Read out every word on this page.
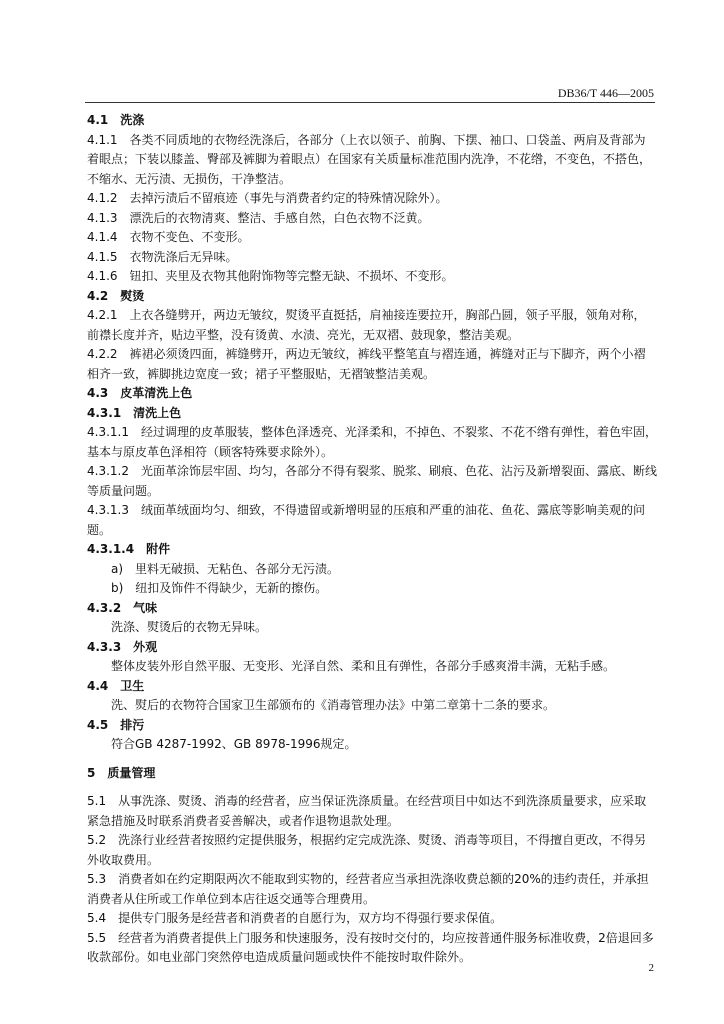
DB36/T 446—2005

4.1　洗涤

4.1.1　各类不同质地的衣物经洗涤后，各部分（上衣以领子、前胸、下摆、袖口、口袋盖、两肩及背部为着眼点；下装以膝盖、臀部及裤脚为着眼点）在国家有关质量标准范围内洗净，不花绺，不变色，不搭色，不缩水、无污渍、无损伤，干净整洁。

4.1.2　去掉污渍后不留痕迹（事先与消费者约定的特殊情况除外）。

4.1.3　漂洗后的衣物清爽、整洁、手感自然，白色衣物不泛黄。

4.1.4　衣物不变色、不变形。

4.1.5　衣物洗涤后无异味。

4.1.6　钮扣、夹里及衣物其他附饰物等完整无缺、不损坏、不变形。

4.2　熨烫

4.2.1　上衣各缝劈开，两边无皱纹，熨烫平直挺括，肩袖接连要拉开，胸部凸圆，领子平服，领角对称，前襟长度并齐，贴边平整，没有烫黄、水渍、亮光，无双褶、鼓现象，整洁美观。

4.2.2　裤裙必须烫四面，裤缝劈开，两边无皱纹，裤线平整笔直与褶连通，裤缝对正与下脚齐，两个小褶相齐一致，裤脚挑边宽度一致；裙子平整服贴，无褶皱整洁美观。

4.3　皮革清洗上色

4.3.1　清洗上色

4.3.1.1　经过调理的皮革服装，整体色泽透亮、光泽柔和，不掉色、不裂浆、不花不绺有弹性，着色牢固，基本与原皮革色泽相符（顾客特殊要求除外）。

4.3.1.2　光面革涂饰层牢固、均匀，各部分不得有裂浆、脱浆、刷痕、色花、沾污及新增裂面、露底、断线等质量问题。

4.3.1.3　绒面革绒面均匀、细致，不得遗留或新增明显的压痕和严重的油花、鱼花、露底等影响美观的问题。

4.3.1.4　附件

a)　里料无破损、无粘色、各部分无污渍。

b)　纽扣及饰件不得缺少，无新的擦伤。

4.3.2　气味

洗涤、熨烫后的衣物无异味。

4.3.3　外观

整体皮装外形自然平服、无变形、光泽自然、柔和且有弹性，各部分手感爽滑丰满，无粘手感。

4.4　卫生

洗、熨后的衣物符合国家卫生部颁布的《消毒管理办法》中第二章第十二条的要求。

4.5　排污

符合GB 4287-1992、GB 8978-1996规定。

5　质量管理

5.1　从事洗涤、熨烫、消毒的经营者，应当保证洗涤质量。在经营项目中如达不到洗涤质量要求，应采取紧急措施及时联系消费者妥善解决，或者作退物退款处理。

5.2　洗涤行业经营者按照约定提供服务，根据约定完成洗涤、熨烫、消毒等项目，不得擅自更改，不得另外收取费用。

5.3　消费者如在约定期限两次不能取到实物的，经营者应当承担洗涤收费总额的20%的违约责任，并承担消费者从住所或工作单位到本店往返交通等合理费用。

5.4　提供专门服务是经营者和消费者的自愿行为，双方均不得强行要求保值。

5.5　经营者为消费者提供上门服务和快速服务，没有按时交付的，均应按普通件服务标准收费，2倍退回多收款部份。如电业部门突然停电造成质量问题或快件不能按时取件除外。

2
